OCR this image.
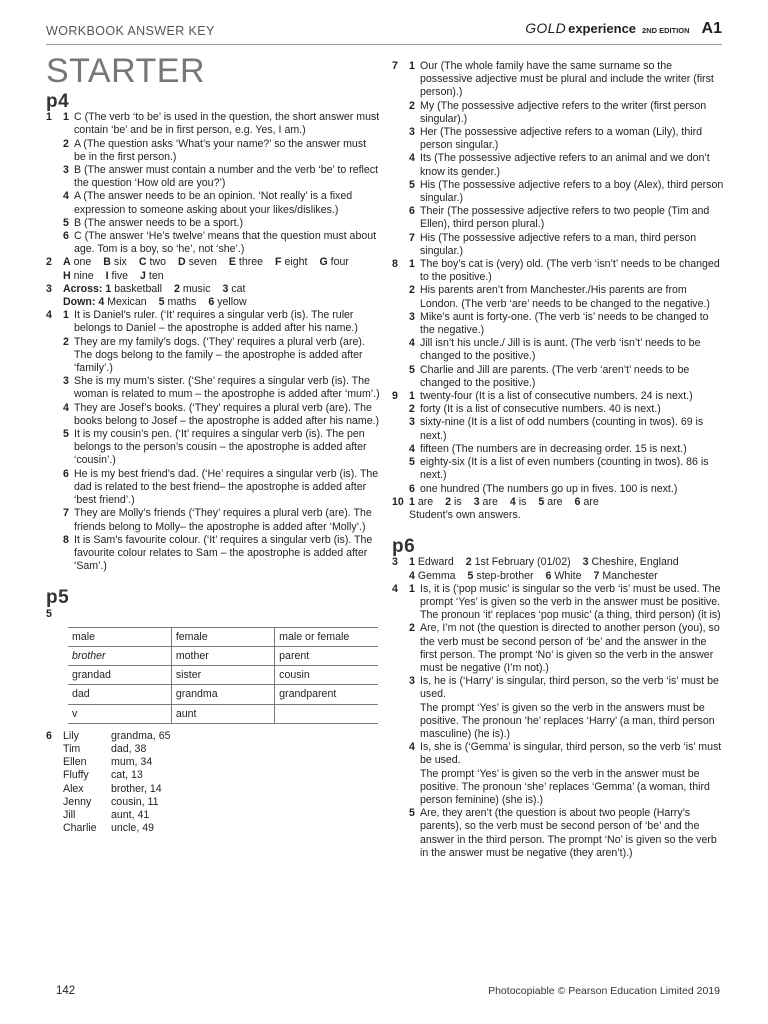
WORKBOOK ANSWER KEY	GOLD experience 2ND EDITION A1
STARTER
p4
1	1 C (The verb ‘to be’ is used in the question, the short answer must contain ‘be’ and be in first person, e.g. Yes, I am.)
2 A (The question asks ‘What’s your name?’ so the answer must be in the first person.)
3 B (The answer must contain a number and the verb ‘be’ to reflect the question ‘How old are you?’)
4 A (The answer needs to be an opinion. ‘Not really’ is a fixed expression to someone asking about your likes/dislikes.)
5 B (The answer needs to be a sport.)
6 C (The answer ‘He’s twelve’ means that the question must about age. Tom is a boy, so ‘he’, not ‘she’.)
2	A one B six C two D seven E three F eight G four
H nine I five J ten
3	Across: 1 basketball 2 music 3 cat
Down: 4 Mexican 5 maths 6 yellow
4	1 It is Daniel’s ruler. (‘It’ requires a singular verb (is). The ruler belongs to Daniel – the apostrophe is added after his name.)
2 They are my family’s dogs. (‘They’ requires a plural verb (are). The dogs belong to the family – the apostrophe is added after ‘family’.)
3 She is my mum’s sister. (‘She’ requires a singular verb (is). The woman is related to mum – the apostrophe is added after ‘mum’.)
4 They are Josef’s books. (‘They’ requires a plural verb (are). The books belong to Josef – the apostrophe is added after his name.)
5 It is my cousin’s pen. (‘It’ requires a singular verb (is). The pen belongs to the person’s cousin – the apostrophe is added after ‘cousin’.)
6 He is my best friend’s dad. (‘He’ requires a singular verb (is). The dad is related to the best friend– the apostrophe is added after ‘best friend’.)
7 They are Molly’s friends (‘They’ requires a plural verb (are). The friends belong to Molly– the apostrophe is added after ‘Molly’.)
8 It is Sam’s favourite colour. (‘It’ requires a singular verb (is). The favourite colour relates to Sam – the apostrophe is added after ‘Sam’.)
p5
5
male	female	male or female
brother	mother	parent
grandad	sister	cousin
dad	grandma	grandparent
v	aunt	
6	Lily	grandma, 65
Tim	dad, 38
Ellen	mum, 34
Fluffy	cat, 13
Alex	brother, 14
Jenny	cousin, 11
Jill	aunt, 41
Charlie	uncle, 49
7	1 Our (The whole family have the same surname so the possessive adjective must be plural and include the writer (first person).)
2 My (The possessive adjective refers to the writer (first person singular).)
3 Her (The possessive adjective refers to a woman (Lily), third person singular.)
4 Its (The possessive adjective refers to an animal and we don’t know its gender.)
5 His (The possessive adjective refers to a boy (Alex), third person singular.)
6 Their (The possessive adjective refers to two people (Tim and Ellen), third person plural.)
7 His (The possessive adjective refers to a man, third person singular.)
8	1 The boy’s cat is (very) old. (The verb ‘isn’t’ needs to be changed to the positive.)
2 His parents aren’t from Manchester./His parents are from London. (The verb ‘are’ needs to be changed to the negative.)
3 Mike’s aunt is forty-one. (The verb ‘is’ needs to be changed to the negative.)
4 Jill isn’t his uncle./ Jill is is aunt. (The verb ‘isn’t’ needs to be changed to the positive.)
5 Charlie and Jill are parents. (The verb ‘aren’t’ needs to be changed to the positive.)
9	1 twenty-four (It is a list of consecutive numbers. 24 is next.)
2 forty (It is a list of consecutive numbers. 40 is next.)
3 sixty-nine (It is a list of odd numbers (counting in twos). 69 is next.)
4 fifteen (The numbers are in decreasing order. 15 is next.)
5 eighty-six (It is a list of even numbers (counting in twos). 86 is next.)
6 one hundred (The numbers go up in fives. 100 is next.)
10 1 are 2 is 3 are 4 is 5 are 6 are
Student’s own answers.
p6
3	1 Edward 2 1st February (01/02) 3 Cheshire, England
4 Gemma 5 step-brother 6 White 7 Manchester
4	1 Is, it is (‘pop music’ is singular so the verb ‘is’ must be used. The prompt ‘Yes’ is given so the verb in the answer must be positive. The pronoun ‘it’ replaces ‘pop music’ (a thing, third person) (it is)
2 Are, I’m not (the question is directed to another person (you), so the verb must be second person of ‘be’ and the answer in the first person. The prompt ‘No’ is given so the verb in the answer must be negative (I’m not).)
3 Is, he is (‘Harry’ is singular, third person, so the verb ‘is’ must be used.
The prompt ‘Yes’ is given so the verb in the answers must be positive. The pronoun ‘he’ replaces ‘Harry’ (a man, third person masculine) (he is).)
4 Is, she is (‘Gemma’ is singular, third person, so the verb ‘is’ must be used.
The prompt ‘Yes’ is given so the verb in the answer must be positive. The pronoun ‘she’ replaces ‘Gemma’ (a woman, third person feminine) (she is).)
5 Are, they aren’t (the question is about two people (Harry’s parents), so the verb must be second person of ‘be’ and the answer in the third person. The prompt ‘No’ is given so the verb in the answer must be negative (they aren’t).)
142	Photocopiable © Pearson Education Limited 2019
